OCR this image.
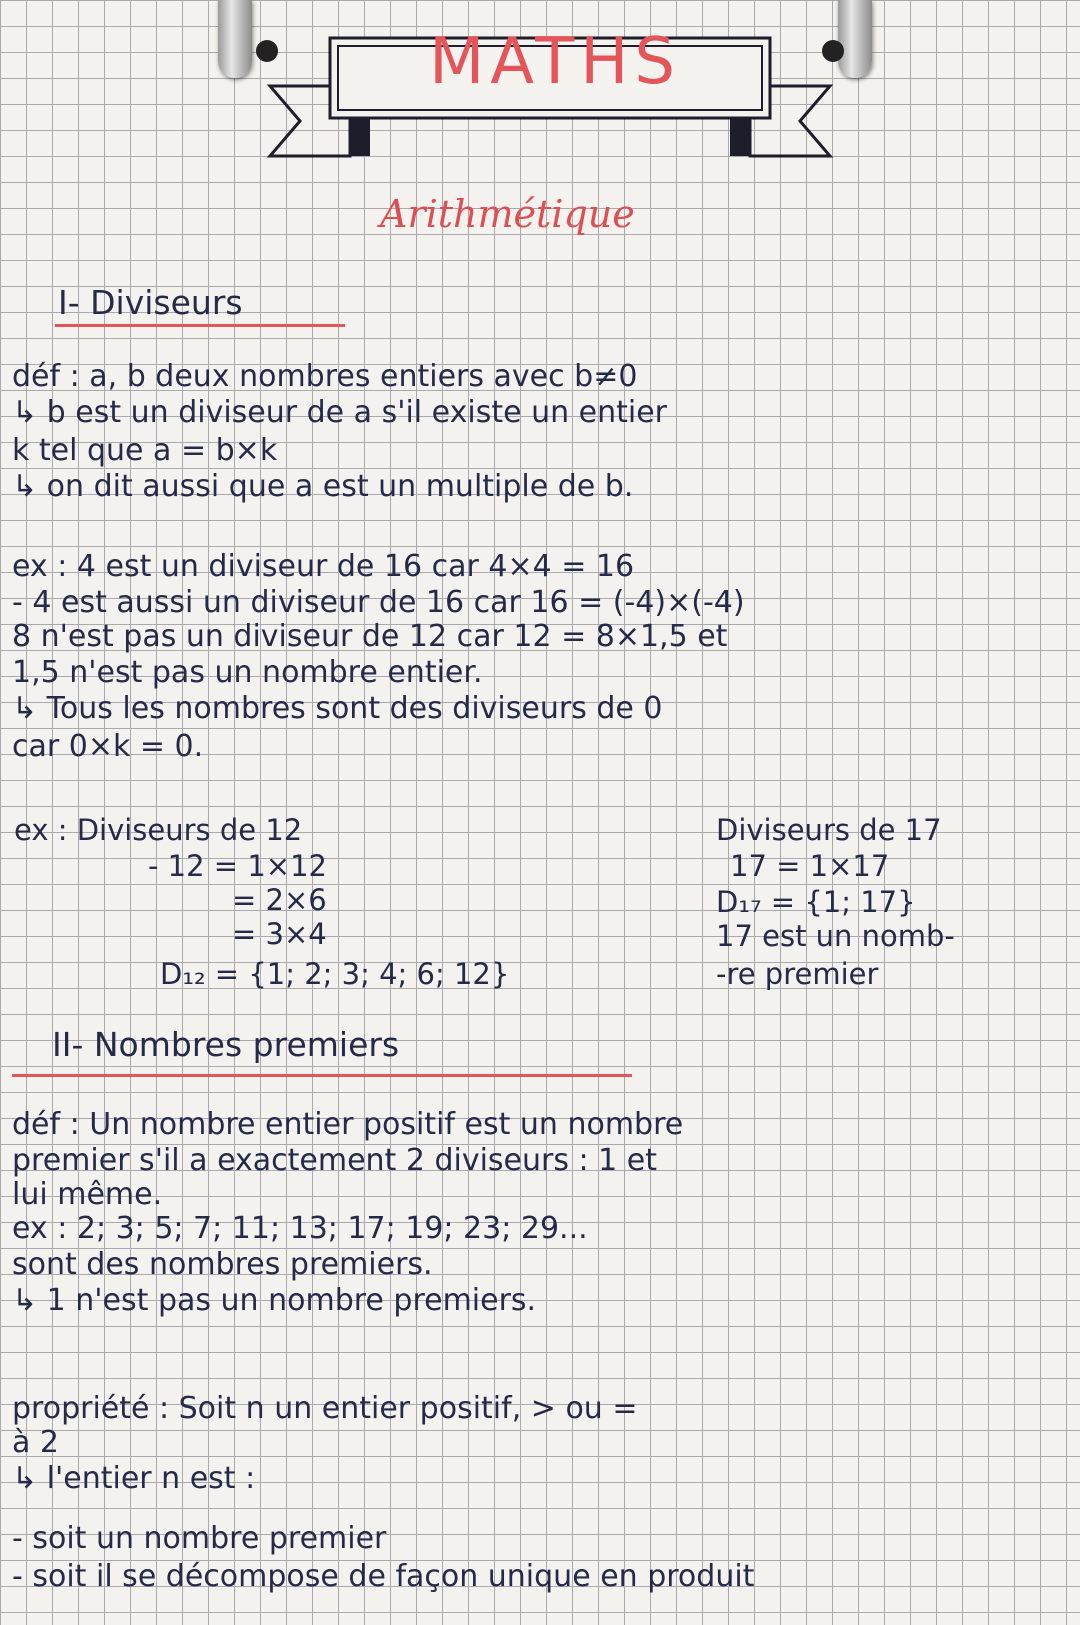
MATHS
Arithmétique
I- Diviseurs
déf : a, b deux nombres entiers avec b≠0
↳ b est un diviseur de a s'il existe un entier
k tel que a = b×k
↳ on dit aussi que a est un multiple de b.
ex : 4 est un diviseur de 16 car 4×4 = 16
- 4 est aussi un diviseur de 16 car 16 = (-4)×(-4)
8 n'est pas un diviseur de 12 car 12 = 8×1,5 et
1,5 n'est pas un nombre entier.
↳ Tous les nombres sont des diviseurs de 0
car 0×k = 0.
ex : Diviseurs de 12
- 12 = 1×12
= 2×6
= 3×4
D₁₂ = {1; 2; 3; 4; 6; 12}
Diviseurs de 17
17 = 1×17
D₁₇ = {1; 17}
17 est un nomb-
-re premier
II- Nombres premiers
déf : Un nombre entier positif est un nombre
premier s'il a exactement 2 diviseurs : 1 et
lui même.
ex : 2; 3; 5; 7; 11; 13; 17; 19; 23; 29...
sont des nombres premiers.
↳ 1 n'est pas un nombre premiers.
propriété : Soit n un entier positif, > ou =
à 2
↳ l'entier n est :
- soit un nombre premier
- soit il se décompose de façon unique en produit
